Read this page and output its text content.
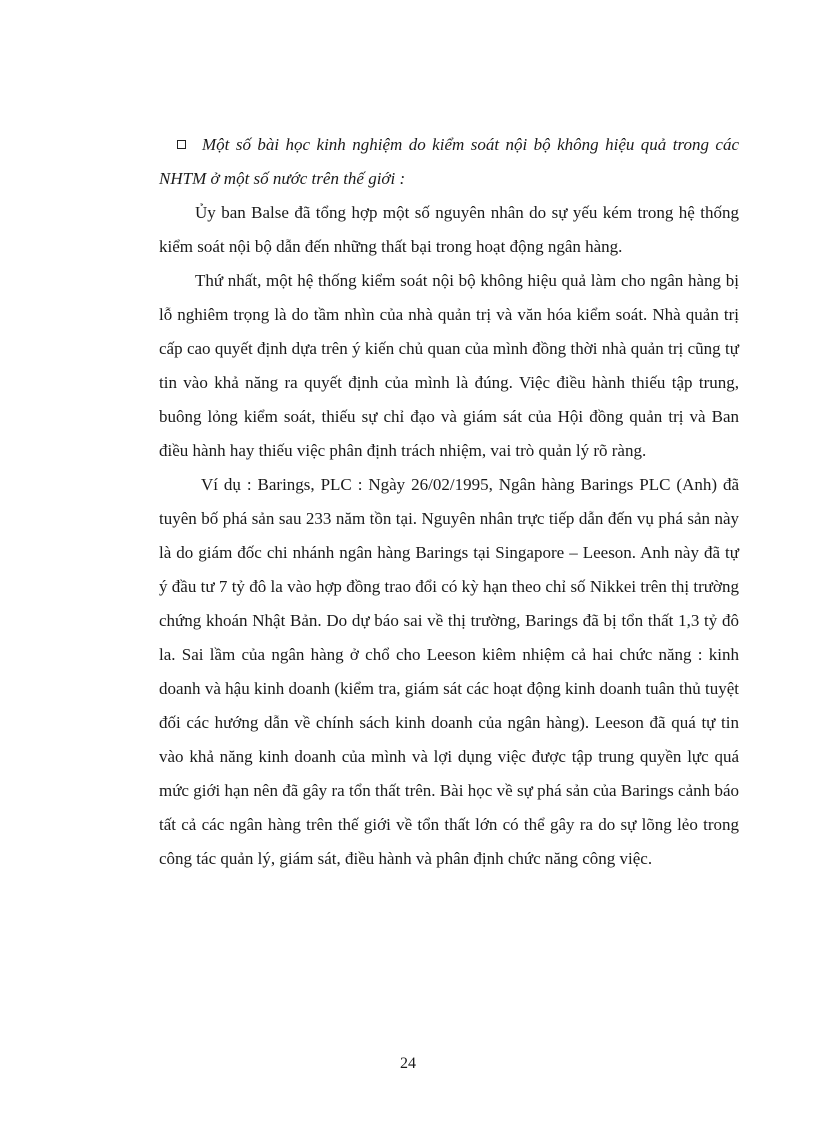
Một số bài học kinh nghiệm do kiểm soát nội bộ không hiệu quả trong các NHTM ở một số nước trên thế giới :

Ủy ban Balse đã tổng hợp một số nguyên nhân do sự yếu kém trong hệ thống kiểm soát nội bộ dẫn đến những thất bại trong hoạt động ngân hàng.

Thứ nhất, một hệ thống kiểm soát nội bộ không hiệu quả làm cho ngân hàng bị lỗ nghiêm trọng là do tầm nhìn của nhà quản trị và văn hóa kiểm soát. Nhà quản trị cấp cao quyết định dựa trên ý kiến chủ quan của mình đồng thời nhà quản trị cũng tự tin vào khả năng ra quyết định của mình là đúng. Việc điều hành thiếu tập trung, buông lỏng kiểm soát, thiếu sự chỉ đạo và giám sát của Hội đồng quản trị và Ban điều hành hay thiếu việc phân định trách nhiệm, vai trò quản lý rõ ràng.

Ví dụ : Barings, PLC : Ngày 26/02/1995, Ngân hàng Barings PLC (Anh) đã tuyên bố phá sản sau 233 năm tồn tại. Nguyên nhân trực tiếp dẫn đến vụ phá sản này là do giám đốc chi nhánh ngân hàng Barings tại Singapore – Leeson. Anh này đã tự ý đầu tư 7 tỷ đô la vào hợp đồng trao đổi có kỳ hạn theo chỉ số Nikkei trên thị trường chứng khoán Nhật Bản. Do dự báo sai về thị trường, Barings đã bị tổn thất 1,3 tỷ đô la. Sai lầm của ngân hàng ở chổ cho Leeson kiêm nhiệm cả hai chức năng : kinh doanh và hậu kinh doanh (kiểm tra, giám sát các hoạt động kinh doanh tuân thủ tuyệt đối các hướng dẫn về chính sách kinh doanh của ngân hàng). Leeson đã quá tự tin vào khả năng kinh doanh của mình và lợi dụng việc được tập trung quyền lực quá mức giới hạn nên đã gây ra tổn thất trên. Bài học về sự phá sản của Barings cảnh báo tất cả các ngân hàng trên thế giới về tổn thất lớn có thể gây ra do sự lõng lẻo trong công tác quản lý, giám sát, điều hành và phân định chức năng công việc.

24
